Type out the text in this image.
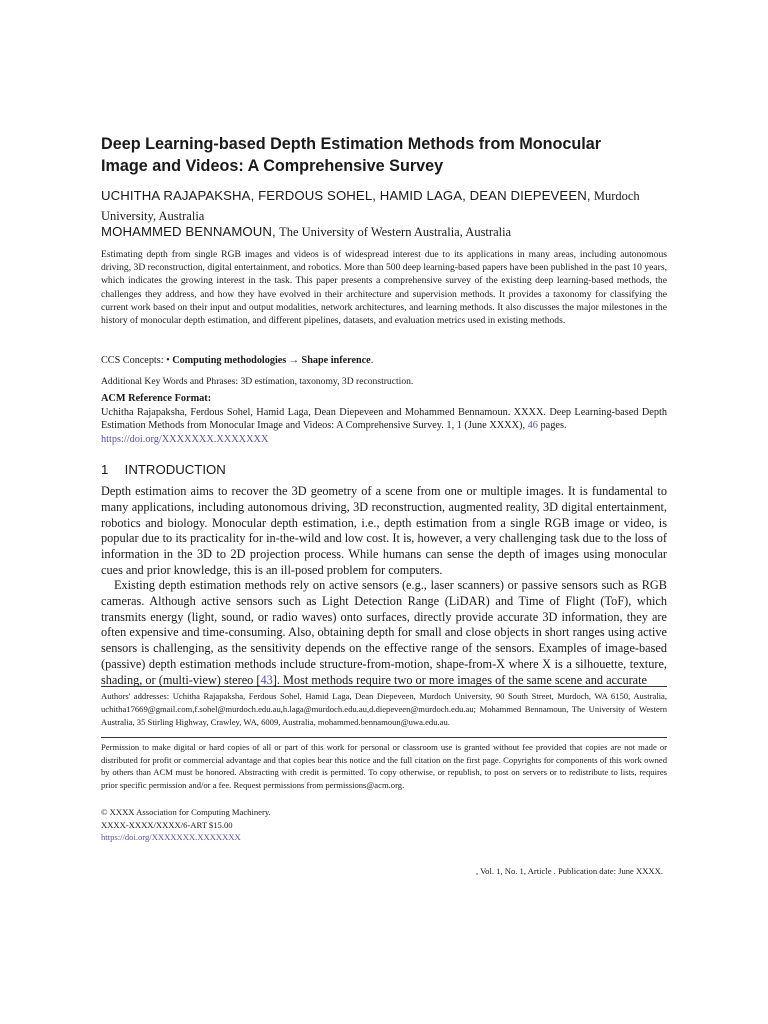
Deep Learning-based Depth Estimation Methods from Monocular
Image and Videos: A Comprehensive Survey
UCHITHA RAJAPAKSHA, FERDOUS SOHEL, HAMID LAGA, DEAN DIEPEVEEN, Murdoch
University, Australia
MOHAMMED BENNAMOUN, The University of Western Australia, Australia
Estimating depth from single RGB images and videos is of widespread interest due to its applications in many areas, including autonomous driving, 3D reconstruction, digital entertainment, and robotics. More than 500 deep learning-based papers have been published in the past 10 years, which indicates the growing interest in the task. This paper presents a comprehensive survey of the existing deep learning-based methods, the challenges they address, and how they have evolved in their architecture and supervision methods. It provides a taxonomy for classifying the current work based on their input and output modalities, network architectures, and learning methods. It also discusses the major milestones in the history of monocular depth estimation, and different pipelines, datasets, and evaluation metrics used in existing methods.
CCS Concepts: • Computing methodologies → Shape inference.
Additional Key Words and Phrases: 3D estimation, taxonomy, 3D reconstruction.
ACM Reference Format:
Uchitha Rajapaksha, Ferdous Sohel, Hamid Laga, Dean Diepeveen and Mohammed Bennamoun. XXXX. Deep Learning-based Depth Estimation Methods from Monocular Image and Videos: A Comprehensive Survey. 1, 1 (June XXXX), 46 pages.
https://doi.org/XXXXXXX.XXXXXXX
1 INTRODUCTION
Depth estimation aims to recover the 3D geometry of a scene from one or multiple images. It is fundamental to many applications, including autonomous driving, 3D reconstruction, augmented reality, 3D digital entertainment, robotics and biology. Monocular depth estimation, i.e., depth estimation from a single RGB image or video, is popular due to its practicality for in-the-wild and low cost. It is, however, a very challenging task due to the loss of information in the 3D to 2D projection process. While humans can sense the depth of images using monocular cues and prior knowledge, this is an ill-posed problem for computers.
Existing depth estimation methods rely on active sensors (e.g., laser scanners) or passive sensors such as RGB cameras. Although active sensors such as Light Detection Range (LiDAR) and Time of Flight (ToF), which transmits energy (light, sound, or radio waves) onto surfaces, directly provide accurate 3D information, they are often expensive and time-consuming. Also, obtaining depth for small and close objects in short ranges using active sensors is challenging, as the sensitivity depends on the effective range of the sensors. Examples of image-based (passive) depth estimation methods include structure-from-motion, shape-from-X where X is a silhouette, texture, shading, or (multi-view) stereo [43]. Most methods require two or more images of the same scene and accurate
Authors' addresses: Uchitha Rajapaksha, Ferdous Sohel, Hamid Laga, Dean Diepeveen, Murdoch University, 90 South Street, Murdoch, WA 6150, Australia, uchitha17669@gmail.com,f.sohel@murdoch.edu.au,h.laga@murdoch.edu.au,d.diepeveen@murdoch.edu.au; Mohammed Bennamoun, The University of Western Australia, 35 Stirling Highway, Crawley, WA, 6009, Australia, mohammed.bennamoun@uwa.edu.au.
Permission to make digital or hard copies of all or part of this work for personal or classroom use is granted without fee provided that copies are not made or distributed for profit or commercial advantage and that copies bear this notice and the full citation on the first page. Copyrights for components of this work owned by others than ACM must be honored. Abstracting with credit is permitted. To copy otherwise, or republish, to post on servers or to redistribute to lists, requires prior specific permission and/or a fee. Request permissions from permissions@acm.org.
© XXXX Association for Computing Machinery.
XXXX-XXXX/XXXX/6-ART $15.00
https://doi.org/XXXXXXX.XXXXXXX
, Vol. 1, No. 1, Article . Publication date: June XXXX.
